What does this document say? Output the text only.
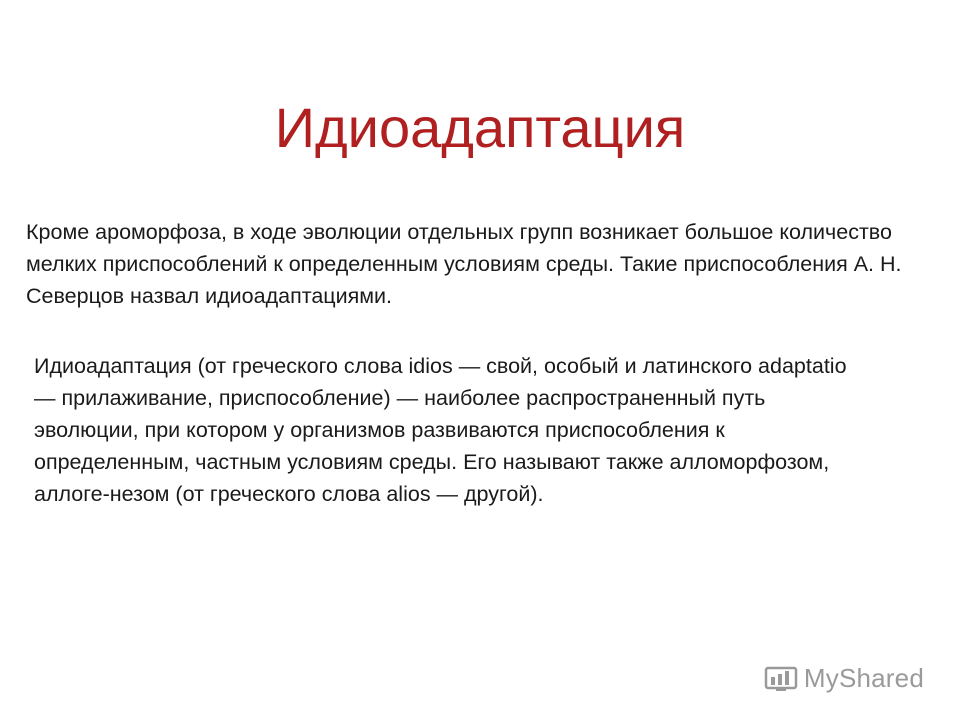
Идиоадаптация

Кроме ароморфоза, в ходе эволюции отдельных групп возникает большое количество мелких приспособлений к определенным условиям среды. Такие приспособления А. Н. Северцов назвал идиоадаптациями.

Идиоадаптация (от греческого слова idios — свой, особый и латинского adaptatio — прилаживание, приспособление) — наиболее распространенный путь эволюции, при котором у организмов развиваются приспособления к определенным, частным условиям среды. Его называют также алломорфозом, аллоге-незом (от греческого слова alios — другой).

MyShared
